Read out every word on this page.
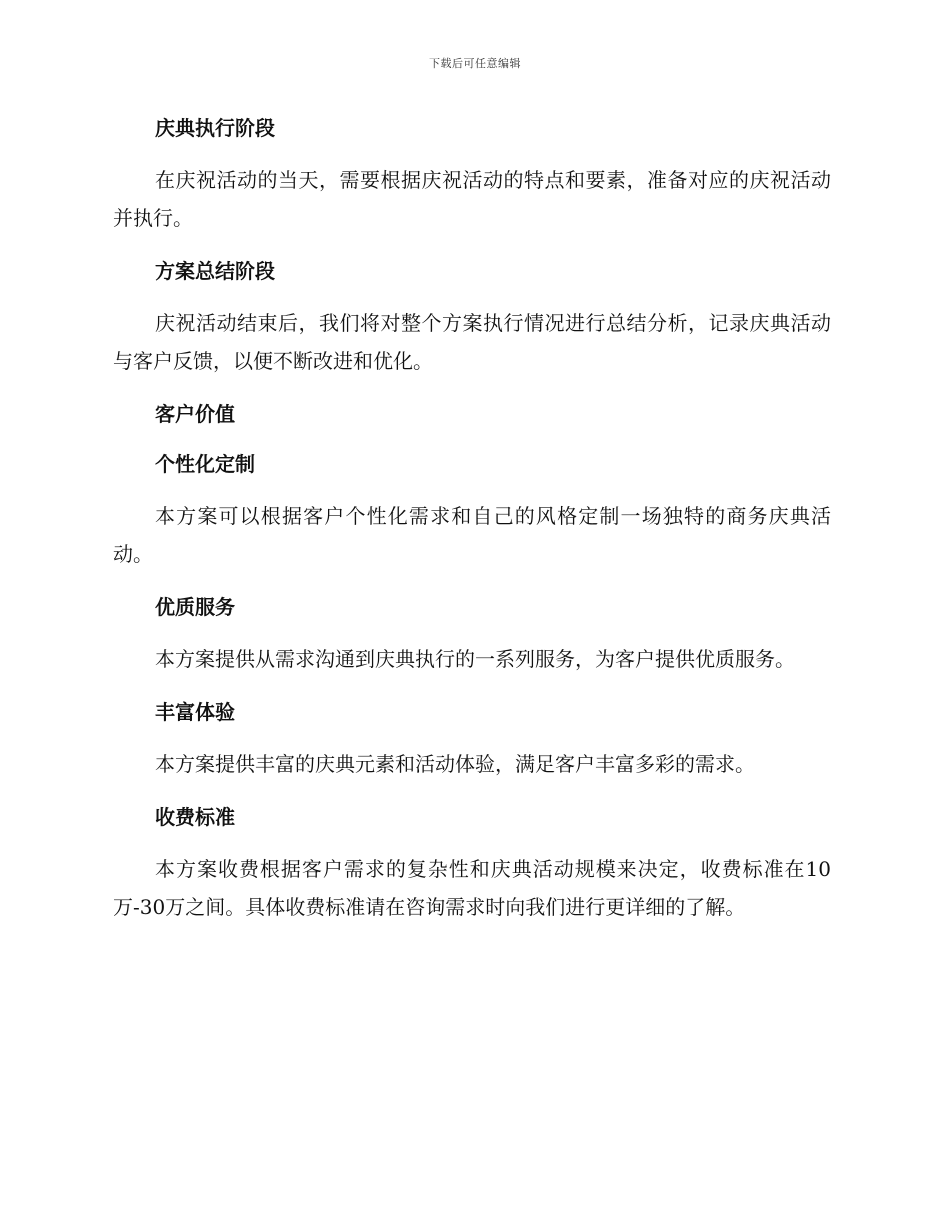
下载后可任意编辑
庆典执行阶段

在庆祝活动的当天，需要根据庆祝活动的特点和要素，准备对应的庆祝活动并执行。

方案总结阶段

庆祝活动结束后，我们将对整个方案执行情况进行总结分析，记录庆典活动与客户反馈，以便不断改进和优化。

客户价值
个性化定制

本方案可以根据客户个性化需求和自己的风格定制一场独特的商务庆典活动。

优质服务

本方案提供从需求沟通到庆典执行的一系列服务，为客户提供优质服务。

丰富体验

本方案提供丰富的庆典元素和活动体验，满足客户丰富多彩的需求。

收费标准

本方案收费根据客户需求的复杂性和庆典活动规模来决定，收费标准在10万-30万之间。具体收费标准请在咨询需求时向我们进行更详细的了解。
